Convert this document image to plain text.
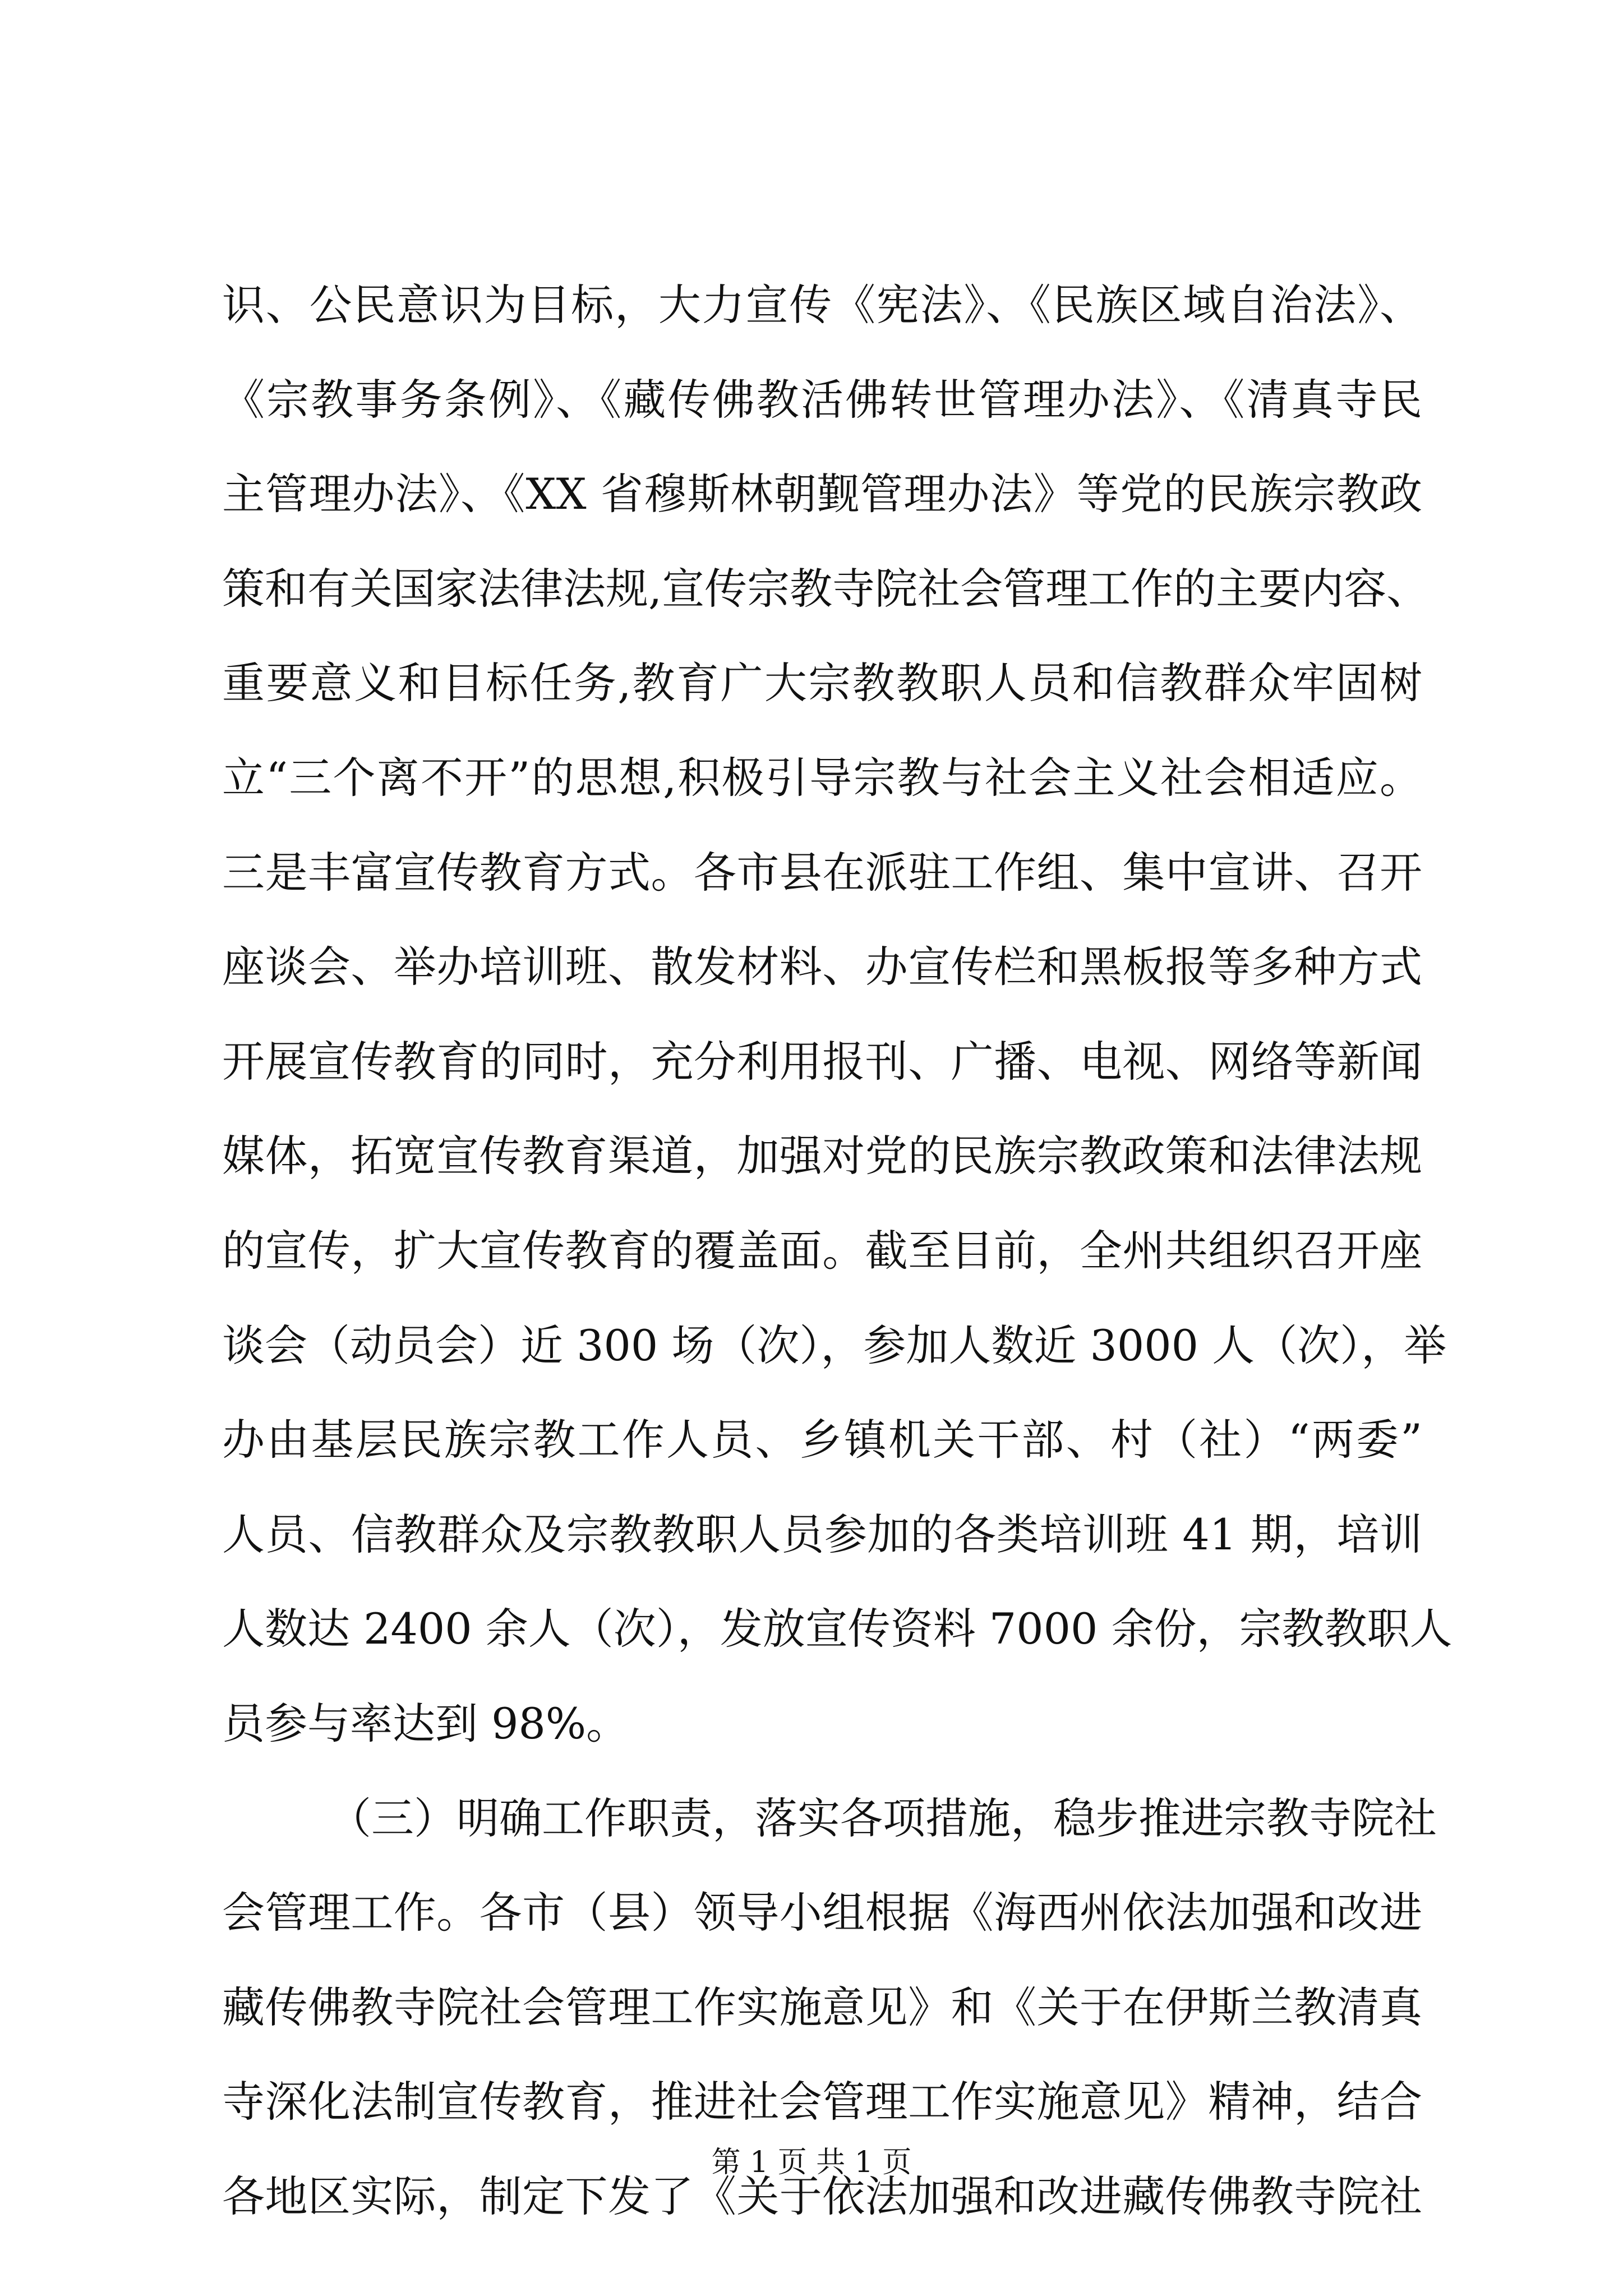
识、公民意识为目标，大力宣传《宪法》、《民族区域自治法》、
《宗教事务条例》、《藏传佛教活佛转世管理办法》、《清真寺民
主管理办法》、《XX 省穆斯林朝觐管理办法》等党的民族宗教政
策和有关国家法律法规,宣传宗教寺院社会管理工作的主要内容、
重要意义和目标任务,教育广大宗教教职人员和信教群众牢固树
立“三个离不开”的思想,积极引导宗教与社会主义社会相适应。
三是丰富宣传教育方式。各市县在派驻工作组、集中宣讲、召开
座谈会、举办培训班、散发材料、办宣传栏和黑板报等多种方式
开展宣传教育的同时，充分利用报刊、广播、电视、网络等新闻
媒体，拓宽宣传教育渠道，加强对党的民族宗教政策和法律法规
的宣传，扩大宣传教育的覆盖面。截至目前，全州共组织召开座
谈会（动员会）近 300 场（次），参加人数近 3000 人（次），举
办由基层民族宗教工作人员、乡镇机关干部、村（社）“两委”
人员、信教群众及宗教教职人员参加的各类培训班 41 期，培训
人数达 2400 余人（次），发放宣传资料 7000 余份，宗教教职人
员参与率达到 98%。
（三）明确工作职责，落实各项措施，稳步推进宗教寺院社
会管理工作。各市（县）领导小组根据《海西州依法加强和改进
藏传佛教寺院社会管理工作实施意见》和《关于在伊斯兰教清真
寺深化法制宣传教育，推进社会管理工作实施意见》精神，结合
各地区实际，制定下发了《关于依法加强和改进藏传佛教寺院社
第 1 页 共 1 页
